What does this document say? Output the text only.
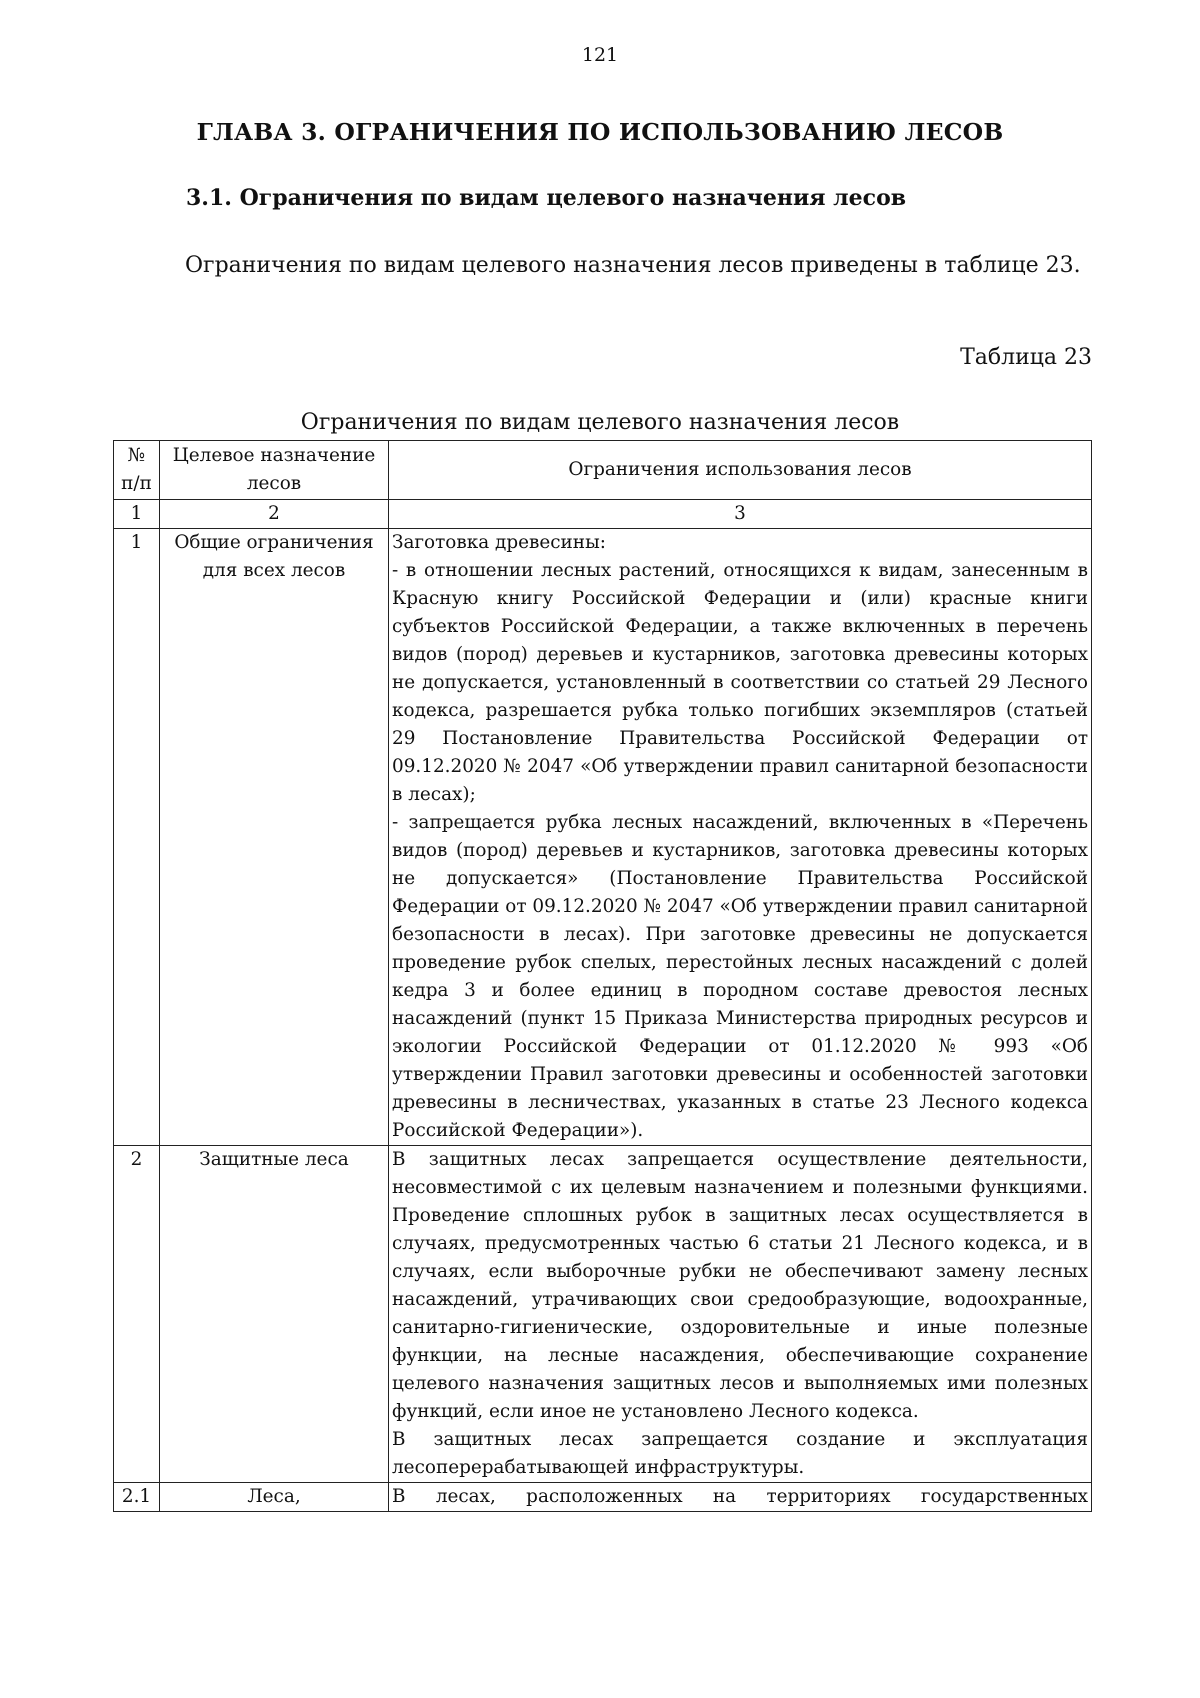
121
ГЛАВА 3. ОГРАНИЧЕНИЯ ПО ИСПОЛЬЗОВАНИЮ ЛЕСОВ
3.1. Ограничения по видам целевого назначения лесов

Ограничения по видам целевого назначения лесов приведены в таблице 23.

Таблица 23
Ограничения по видам целевого назначения лесов
№ п/п	Целевое назначение лесов	Ограничения использования лесов
1	2	3
1	Общие ограничения для всех лесов	Заготовка древесины:
- в отношении лесных растений, относящихся к видам, занесенным в Красную книгу Российской Федерации и (или) красные книги субъектов Российской Федерации, а также включенных в перечень видов (пород) деревьев и кустарников, заготовка древесины которых не допускается, установленный в соответствии со статьей 29 Лесного кодекса, разрешается рубка только погибших экземпляров (статьей 29 Постановление Правительства Российской Федерации от 09.12.2020 № 2047 «Об утверждении правил санитарной безопасности в лесах);
- запрещается рубка лесных насаждений, включенных в «Перечень видов (пород) деревьев и кустарников, заготовка древесины которых не допускается» (Постановление Правительства Российской Федерации от 09.12.2020 № 2047 «Об утверждении правил санитарной безопасности в лесах). При заготовке древесины не допускается проведение рубок спелых, перестойных лесных насаждений с долей кедра 3 и более единиц в породном составе древостоя лесных насаждений (пункт 15 Приказа Министерства природных ресурсов и экологии Российской Федерации от 01.12.2020 № 993 «Об утверждении Правил заготовки древесины и особенностей заготовки древесины в лесничествах, указанных в статье 23 Лесного кодекса Российской Федерации»).

2	Защитные леса	В защитных лесах запрещается осуществление деятельности, несовместимой с их целевым назначением и полезными функциями. Проведение сплошных рубок в защитных лесах осуществляется в случаях, предусмотренных частью 6 статьи 21 Лесного кодекса, и в случаях, если выборочные рубки не обеспечивают замену лесных насаждений, утрачивающих свои средообразующие, водоохранные, санитарно-гигиенические, оздоровительные и иные полезные функции, на лесные насаждения, обеспечивающие сохранение целевого назначения защитных лесов и выполняемых ими полезных функций, если иное не установлено Лесного кодекса.
В защитных лесах запрещается создание и эксплуатация лесоперерабатывающей инфраструктуры.

2.1	Леса,	В лесах, расположенных на территориях государственных
